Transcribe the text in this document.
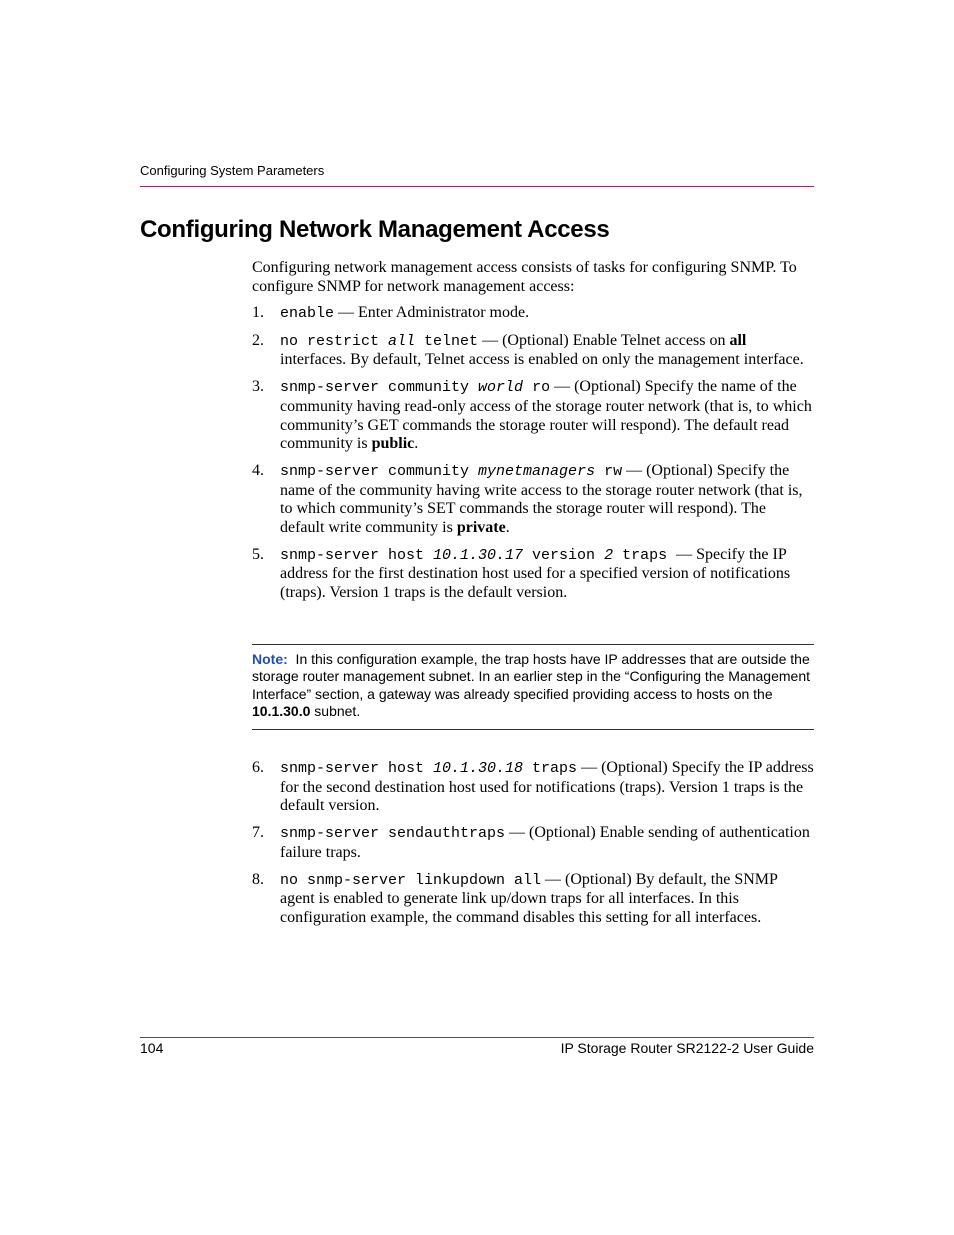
Configuring System Parameters
Configuring Network Management Access

Configuring network management access consists of tasks for configuring SNMP. To configure SNMP for network management access:

1. enable — Enter Administrator mode.
2. no restrict all telnet — (Optional) Enable Telnet access on all interfaces. By default, Telnet access is enabled on only the management interface.
3. snmp-server community world ro — (Optional) Specify the name of the community having read-only access of the storage router network (that is, to which community’s GET commands the storage router will respond). The default read community is public.
4. snmp-server community mynetmanagers rw — (Optional) Specify the name of the community having write access to the storage router network (that is, to which community’s SET commands the storage router will respond). The default write community is private.
5. snmp-server host 10.1.30.17 version 2 traps — Specify the IP address for the first destination host used for a specified version of notifications (traps). Version 1 traps is the default version.
Note:  In this configuration example, the trap hosts have IP addresses that are outside the storage router management subnet. In an earlier step in the “Configuring the Management Interface” section, a gateway was already specified providing access to hosts on the 10.1.30.0 subnet.
6. snmp-server host 10.1.30.18 traps — (Optional) Specify the IP address for the second destination host used for notifications (traps). Version 1 traps is the default version.
7. snmp-server sendauthtraps — (Optional) Enable sending of authentication failure traps.
8. no snmp-server linkupdown all — (Optional) By default, the SNMP agent is enabled to generate link up/down traps for all interfaces. In this configuration example, the command disables this setting for all interfaces.
104	IP Storage Router SR2122-2 User Guide
